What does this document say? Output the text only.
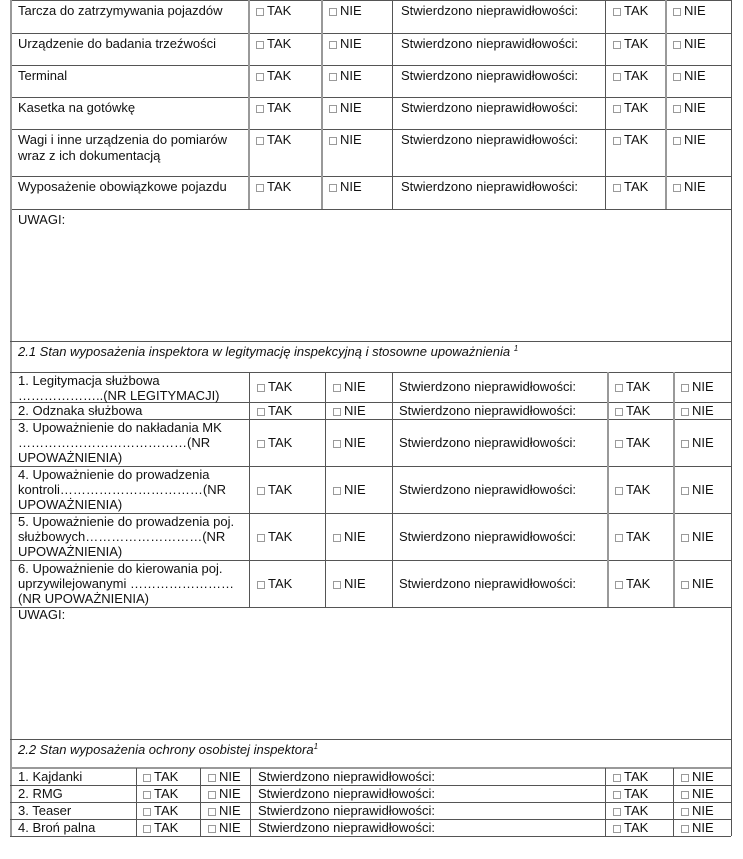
Tarcza do zatrzymywania pojazdów	TAK	NIE	Stwierdzono nieprawidłowości:	TAK	NIE
Urządzenie do badania trzeźwości	TAK	NIE	Stwierdzono nieprawidłowości:	TAK	NIE
Terminal	TAK	NIE	Stwierdzono nieprawidłowości:	TAK	NIE
Kasetka na gotówkę	TAK	NIE	Stwierdzono nieprawidłowości:	TAK	NIE
Wagi i inne urządzenia do pomiarów
wraz z ich dokumentacją
TAK	NIE	Stwierdzono nieprawidłowości:	TAK	NIE
Wyposażenie obowiązkowe pojazdu	TAK	NIE	Stwierdzono nieprawidłowości:	TAK	NIE
UWAGI:
2.1 Stan wyposażenia inspektora w legitymację inspekcyjną i stosowne upoważnienia $^1$
1. Legitymacja służbowa
………………..(NR LEGITYMACJI)
TAK	NIE	Stwierdzono nieprawidłowości:	TAK	NIE
2. Odznaka służbowa	TAK	NIE	Stwierdzono nieprawidłowości:	TAK	NIE
3. Upoważnienie do nakładania MK
…………………………………(NR
UPOWAŻNIENIA)
TAK	NIE	Stwierdzono nieprawidłowości:	TAK	NIE
4. Upoważnienie do prowadzenia
kontroli……………………………(NR
UPOWAŻNIENIA)
TAK	NIE	Stwierdzono nieprawidłowości:	TAK	NIE
5. Upoważnienie do prowadzenia poj.
służbowych………………………(NR
UPOWAŻNIENIA)
TAK	NIE	Stwierdzono nieprawidłowości:	TAK	NIE
6. Upoważnienie do kierowania poj.
uprzywilejowanymi ……………………
(NR UPOWAŻNIENIA)
TAK	NIE	Stwierdzono nieprawidłowości:	TAK	NIE
UWAGI:
2.2 Stan wyposażenia ochrony osobistej inspektora$^1$
1. Kajdanki	TAK	NIE Stwierdzono nieprawidłowości:	TAK	NIE
2. RMG	TAK	NIE Stwierdzono nieprawidłowości:	TAK	NIE
3. Teaser	TAK	NIE Stwierdzono nieprawidłowości:	TAK	NIE
4. Broń palna	TAK	NIE Stwierdzono nieprawidłowości:	TAK	NIE
